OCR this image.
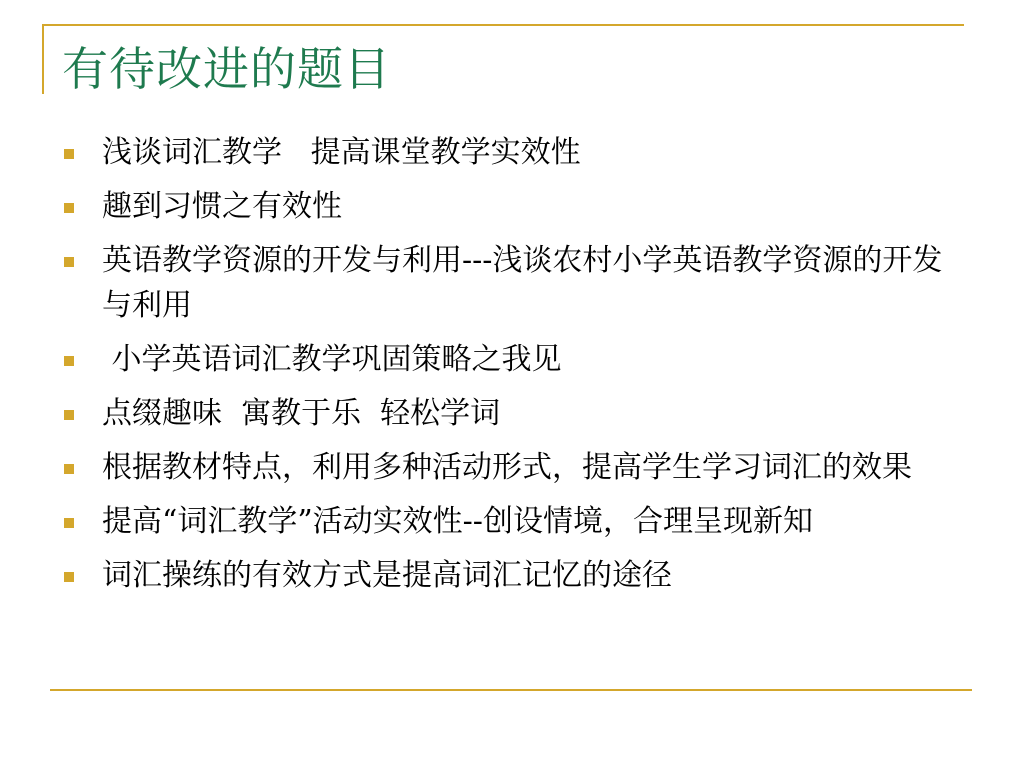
有待改进的题目
浅谈词汇教学   提高课堂教学实效性
趣到习惯之有效性
英语教学资源的开发与利用---浅谈农村小学英语教学资源的开发与利用
小学英语词汇教学巩固策略之我见
点缀趣味  寓教于乐  轻松学词
根据教材特点，利用多种活动形式，提高学生学习词汇的效果
提高“词汇教学”活动实效性--创设情境，合理呈现新知
词汇操练的有效方式是提高词汇记忆的途径
